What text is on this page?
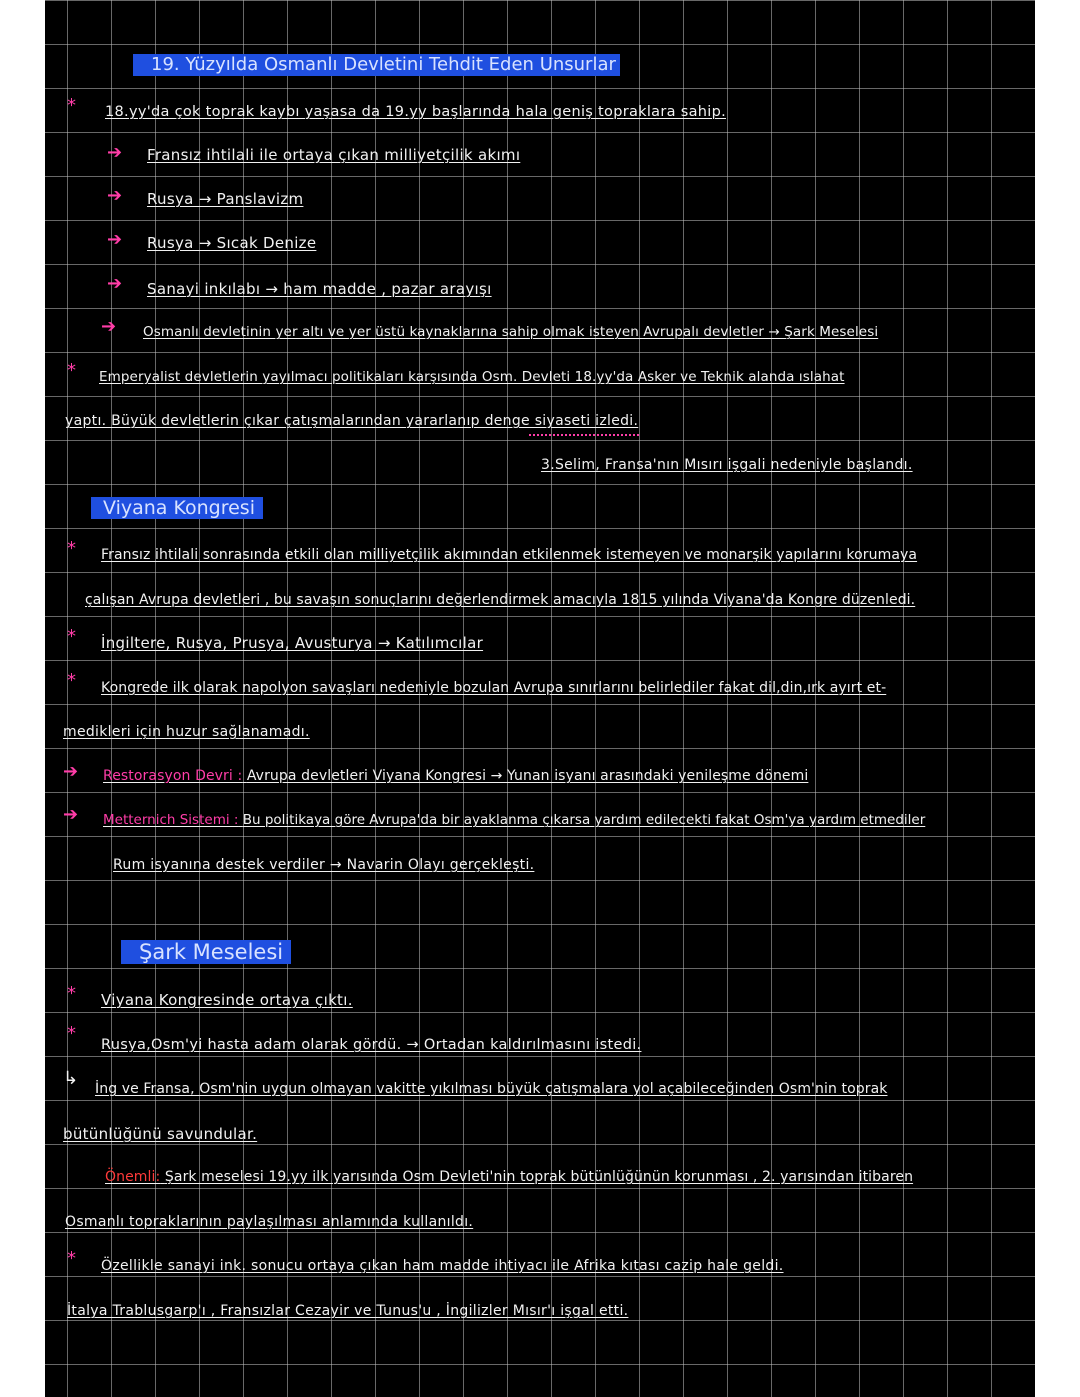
19. Yüzyılda Osmanlı Devletini Tehdit Eden Unsurlar
* 18.yy'da çok toprak kaybı yaşasa da 19.yy başlarında hala geniş topraklara sahip.
➔ Fransız ihtilali ile ortaya çıkan milliyetçilik akımı
➔ Rusya → Panslavizm
➔ Rusya → Sıcak Denize
➔ Sanayi inkılabı → ham madde , pazar arayışı
➔ Osmanlı devletinin yer altı ve yer üstü kaynaklarına sahip olmak isteyen Avrupalı devletler → Şark Meselesi
* Emperyalist devletlerin yayılmacı politikaları karşısında Osm. Devleti 18.yy'da Asker ve Teknik alanda ıslahat
yaptı. Büyük devletlerin çıkar çatışmalarından yararlanıp denge siyaseti izledi.
3.Selim, Fransa'nın Mısırı işgali nedeniyle başlandı.
Viyana Kongresi
* Fransız ihtilali sonrasında etkili olan milliyetçilik akımından etkilenmek istemeyen ve monarşik yapılarını korumaya
çalışan Avrupa devletleri , bu savaşın sonuçlarını değerlendirmek amacıyla 1815 yılında Viyana'da Kongre düzenledi.
* İngiltere, Rusya, Prusya, Avusturya → Katılımcılar
* Kongrede ilk olarak napolyon savaşları nedeniyle bozulan Avrupa sınırlarını belirlediler fakat dil,din,ırk ayırt et-
medikleri için huzur sağlanamadı.
➔ Restorasyon Devri : Avrupa devletleri Viyana Kongresi → Yunan isyanı arasındaki yenileşme dönemi
➔ Metternich Sistemi : Bu politikaya göre Avrupa'da bir ayaklanma çıkarsa yardım edilecekti fakat Osm'ya yardım etmediler
Rum isyanına destek verdiler → Navarin Olayı gerçekleşti.
Şark Meselesi
* Viyana Kongresinde ortaya çıktı.
*
Rusya,Osm'yi hasta adam olarak gördü. → Ortadan kaldırılmasını istedi.
↳ İng ve Fransa, Osm'nin uygun olmayan vakitte yıkılması büyük çatışmalara yol açabileceğinden Osm'nin toprak
bütünlüğünü savundular.
Önemli: Şark meselesi 19.yy ilk yarısında Osm Devleti'nin toprak bütünlüğünün korunması , 2. yarısından itibaren
Osmanlı topraklarının paylaşılması anlamında kullanıldı.
* Özellikle sanayi ink. sonucu ortaya çıkan ham madde ihtiyacı ile Afrika kıtası cazip hale geldi.
İtalya Trablusgarp'ı , Fransızlar Cezayir ve Tunus'u , İngilizler Mısır'ı işgal etti.
